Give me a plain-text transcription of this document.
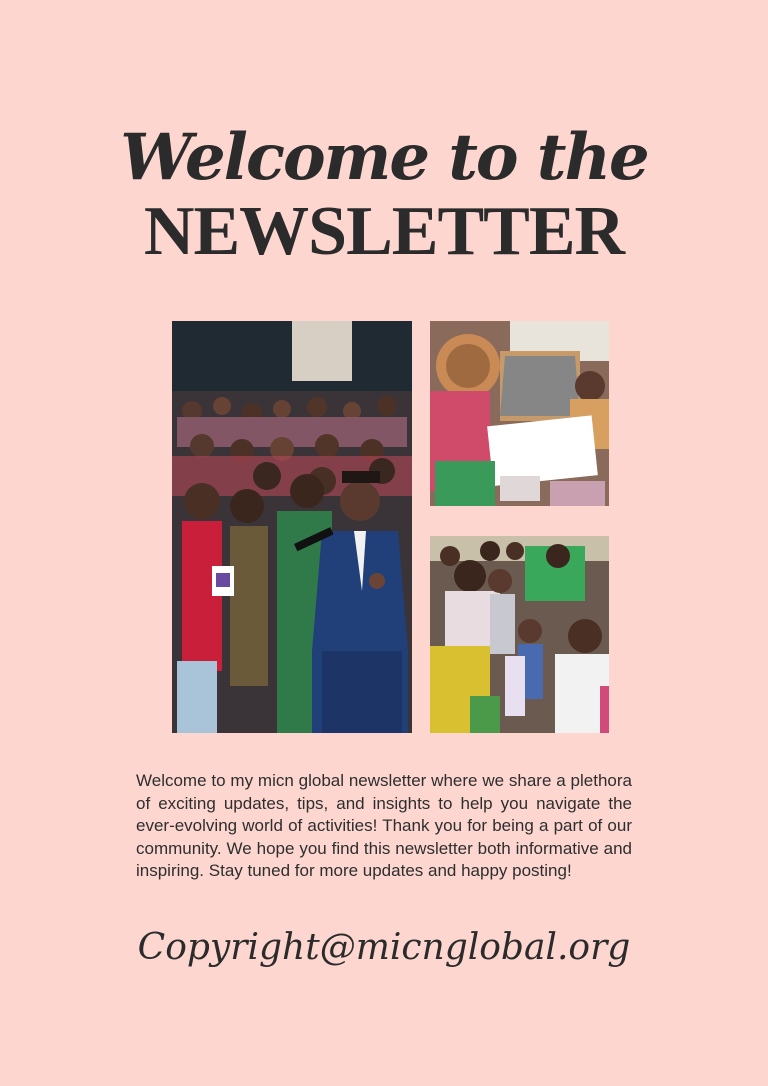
Welcome to the
NEWSLETTER

Welcome to my micn global newsletter where we share a plethora of exciting updates, tips, and insights to help you navigate the ever-evolving world of activities! Thank you for being a part of our community. We hope you find this newsletter both informative and inspiring. Stay tuned for more updates and happy posting!

Copyright@micnglobal.org
